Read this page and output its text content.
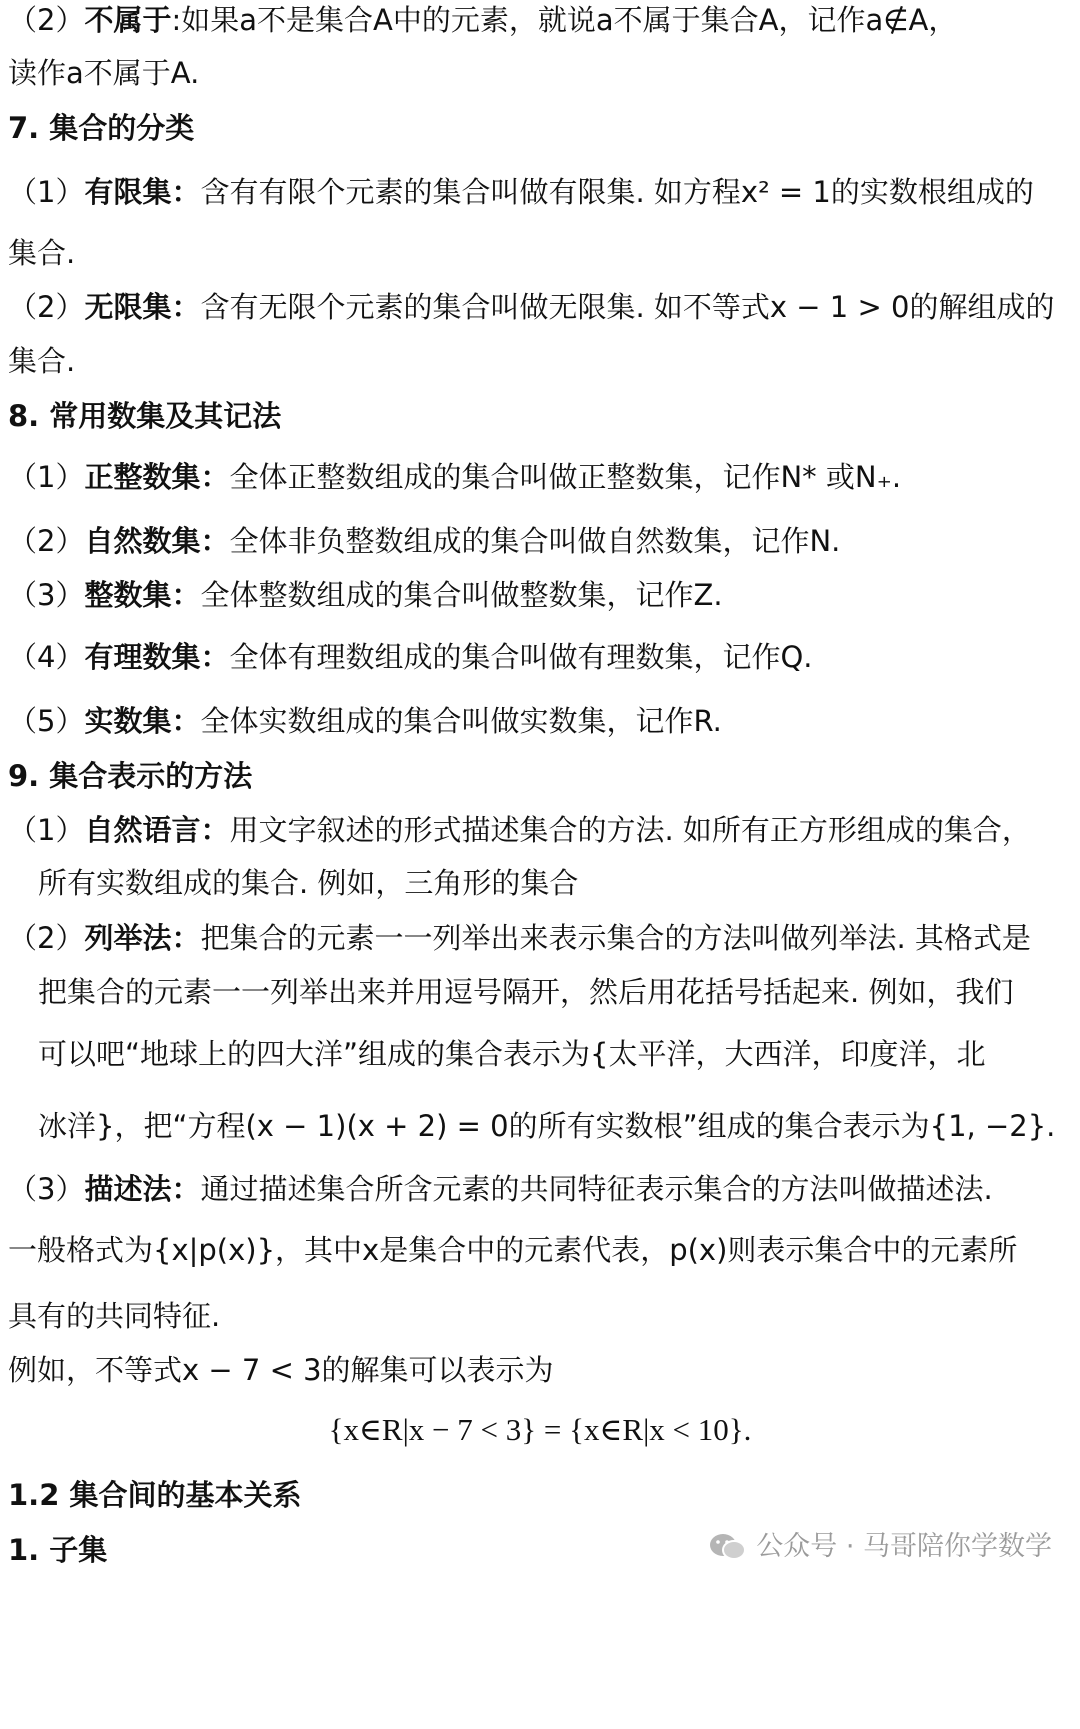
（2）不属于:如果a不是集合A中的元素，就说a不属于集合A，记作a∉A，
读作a不属于A.
7. 集合的分类
（1）有限集：含有有限个元素的集合叫做有限集. 如方程x² = 1的实数根组成的
集合.
（2）无限集：含有无限个元素的集合叫做无限集. 如不等式x − 1 > 0的解组成的
集合.
8. 常用数集及其记法
（1）正整数集：全体正整数组成的集合叫做正整数集，记作N* 或N₊.
（2）自然数集：全体非负整数组成的集合叫做自然数集，记作N.
（3）整数集：全体整数组成的集合叫做整数集，记作Z.
（4）有理数集：全体有理数组成的集合叫做有理数集，记作Q.
（5）实数集：全体实数组成的集合叫做实数集，记作R.
9. 集合表示的方法
（1）自然语言：用文字叙述的形式描述集合的方法. 如所有正方形组成的集合，
所有实数组成的集合. 例如，三角形的集合
（2）列举法：把集合的元素一一列举出来表示集合的方法叫做列举法. 其格式是
把集合的元素一一列举出来并用逗号隔开，然后用花括号括起来. 例如，我们
可以吧“地球上的四大洋”组成的集合表示为{太平洋，大西洋，印度洋，北
冰洋}，把“方程(x − 1)(x + 2) = 0的所有实数根”组成的集合表示为{1, −2}.
（3）描述法：通过描述集合所含元素的共同特征表示集合的方法叫做描述法.
一般格式为{x|p(x)}，其中x是集合中的元素代表，p(x)则表示集合中的元素所
具有的共同特征.
例如，不等式x − 7 < 3的解集可以表示为
{x∈R|x − 7 < 3} = {x∈R|x < 10}.
1.2 集合间的基本关系
1. 子集	公众号 · 马哥陪你学数学
